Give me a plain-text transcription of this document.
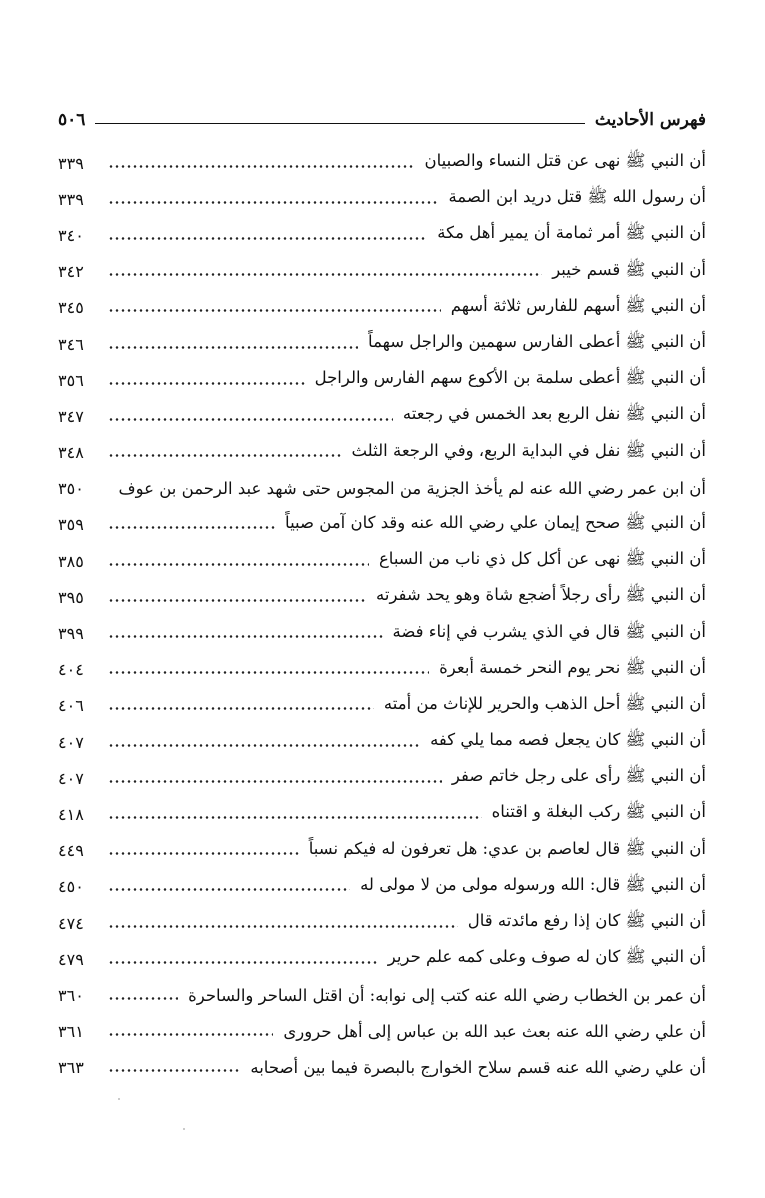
فهرس الأحاديث
٥٠٦
أن النبي ﷺ نهى عن قتل النساء والصبيان
٣٣٩
أن رسول الله ﷺ قتل دريد ابن الصمة
٣٣٩
أن النبي ﷺ أمر ثمامة أن يمير أهل مكة
٣٤٠
أن النبي ﷺ قسم خيبر
٣٤٢
أن النبي ﷺ أسهم للفارس ثلاثة أسهم
٣٤٥
أن النبي ﷺ أعطى الفارس سهمين والراجل سهماً
٣٤٦
أن النبي ﷺ أعطى سلمة بن الأكوع سهم الفارس والراجل
٣٥٦
أن النبي ﷺ نفل الربع بعد الخمس في رجعته
٣٤٧
أن النبي ﷺ نفل في البداية الربع، وفي الرجعة الثلث
٣٤٨
أن ابن عمر رضي الله عنه لم يأخذ الجزية من المجوس حتى شهد عبد الرحمن بن عوف
٣٥٠
أن النبي ﷺ صحح إيمان علي رضي الله عنه وقد كان آمن صبياً
٣٥٩
أن النبي ﷺ نهى عن أكل كل ذي ناب من السباع
٣٨٥
أن النبي ﷺ رأى رجلاً أضجع شاة وهو يحد شفرته
٣٩٥
أن النبي ﷺ قال في الذي يشرب في إناء فضة
٣٩٩
أن النبي ﷺ نحر يوم النحر خمسة أبعرة
٤٠٤
أن النبي ﷺ أحل الذهب والحرير للإناث من أمته
٤٠٦
أن النبي ﷺ كان يجعل فصه مما يلي كفه
٤٠٧
أن النبي ﷺ رأى على رجل خاتم صفر
٤٠٧
أن النبي ﷺ ركب البغلة و اقتناه
٤١٨
أن النبي ﷺ قال لعاصم بن عدي: هل تعرفون له فيكم نسباً
٤٤٩
أن النبي ﷺ قال: الله ورسوله مولى من لا مولى له
٤٥٠
أن النبي ﷺ كان إذا رفع مائدته قال
٤٧٤
أن النبي ﷺ كان له صوف وعلى كمه علم حرير
٤٧٩
أن عمر بن الخطاب رضي الله عنه كتب إلى نوابه: أن اقتل الساحر والساحرة
٣٦٠
أن علي رضي الله عنه بعث عبد الله بن عباس إلى أهل حروری
٣٦١
أن علي رضي الله عنه قسم سلاح الخوارج بالبصرة فيما بين أصحابه
٣٦٣
